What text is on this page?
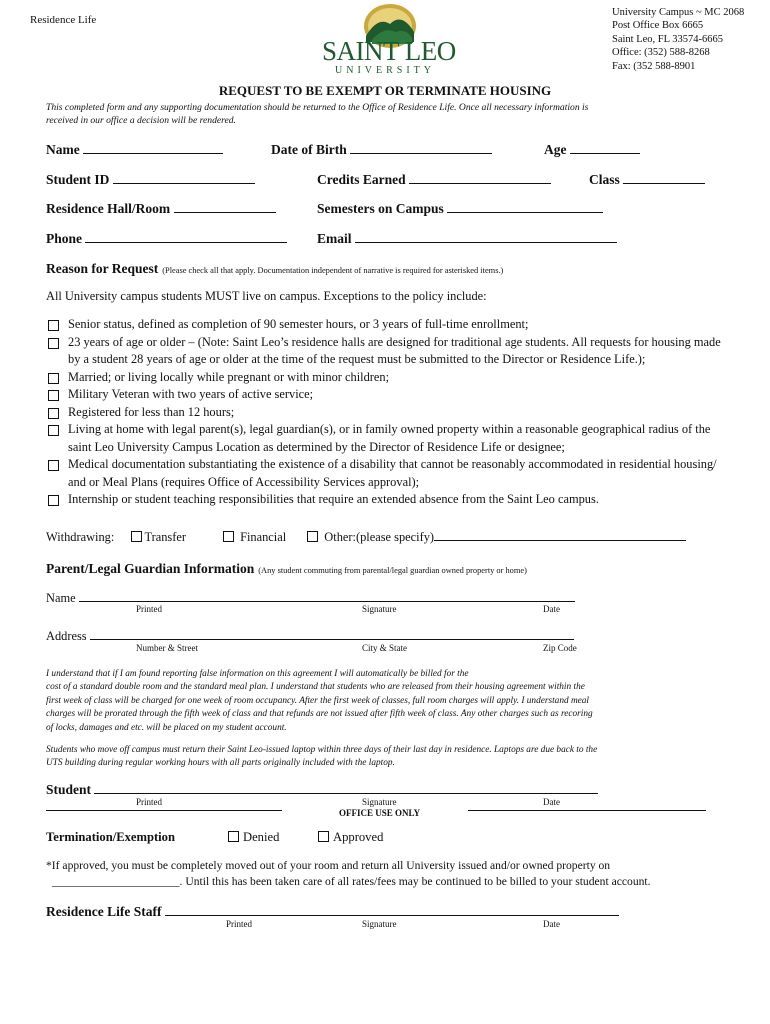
Residence Life
SAINT LEO
UNIVERSITY
University Campus ~ MC 2068
Post Office Box 6665
Saint Leo, FL 33574-6665
Office: (352) 588-8268
Fax: (352 588-8901
REQUEST TO BE EXEMPT OR TERMINATE HOUSING
This completed form and any supporting documentation should be returned to the Office of Residence Life. Once all necessary information is
received in our office a decision will be rendered.
Name	Date of Birth	Age
Student ID	Credits Earned	Class
Residence Hall/Room	Semesters on Campus
Phone	Email
Reason for Request (Please check all that apply. Documentation independent of narrative is required for asterisked items.)
All University campus students MUST live on campus. Exceptions to the policy include:
Senior status, defined as completion of 90 semester hours, or 3 years of full-time enrollment;
23 years of age or older – (Note: Saint Leo’s residence halls are designed for traditional age students. All requests for housing made by a student 28 years of age or older at the time of the request must be submitted to the Director or Residence Life.);
Married; or living locally while pregnant or with minor children;
Military Veteran with two years of active service;
Registered for less than 12 hours;
Living at home with legal parent(s), legal guardian(s), or in family owned property within a reasonable geographical radius of the saint Leo University Campus Location as determined by the Director of Residence Life or designee;
Medical documentation substantiating the existence of a disability that cannot be reasonably accommodated in residential housing/ and or Meal Plans (requires Office of Accessibility Services approval);
Internship or student teaching responsibilities that require an extended absence from the Saint Leo campus.
Withdrawing: Transfer	Financial	Other:(please specify)
Parent/Legal Guardian Information (Any student commuting from parental/legal guardian owned property or home)
Name
Printed	Signature	Date
Address
Number & Street	City & State	Zip Code
I understand that if I am found reporting false information on this agreement I will automatically be billed for the
cost of a standard double room and the standard meal plan. I understand that students who are released from their housing agreement within the
first week of class will be charged for one week of room occupancy. After the first week of classes, full room charges will apply. I understand meal
charges will be prorated through the fifth week of class and that refunds are not issued after fifth week of class. Any other charges such as recoring
of locks, damages and etc. will be placed on my student account.
Students who move off campus must return their Saint Leo-issued laptop within three days of their last day in residence. Laptops are due back to the
UTS building during regular working hours with all parts originally included with the laptop.
Student
Printed	Signature	Date
OFFICE USE ONLY
Termination/Exemption	Denied	Approved
*If approved, you must be completely moved out of your room and return all University issued and/or owned property on
______________________. Until this has been taken care of all rates/fees may be continued to be billed to your student account.
Residence Life Staff
Printed	Signature	Date
